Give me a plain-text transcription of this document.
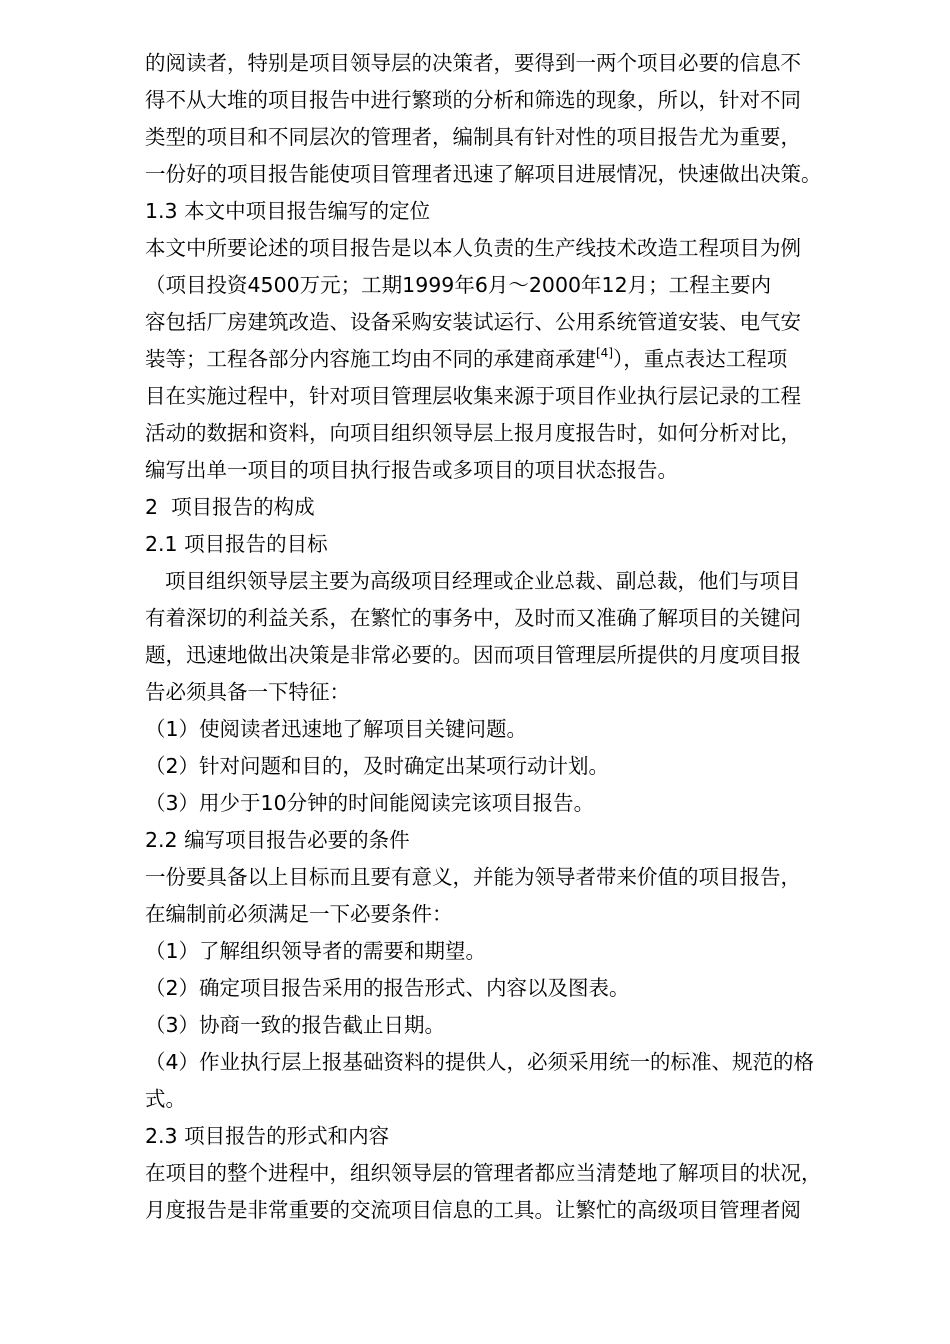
的阅读者，特别是项目领导层的决策者，要得到一两个项目必要的信息不
得不从大堆的项目报告中进行繁琐的分析和筛选的现象，所以，针对不同
类型的项目和不同层次的管理者，编制具有针对性的项目报告尤为重要，
一份好的项目报告能使项目管理者迅速了解项目进展情况，快速做出决策。
1.3 本文中项目报告编写的定位
本文中所要论述的项目报告是以本人负责的生产线技术改造工程项目为例
（项目投资4500万元；工期1999年6月～2000年12月；工程主要内
容包括厂房建筑改造、设备采购安装试运行、公用系统管道安装、电气安
装等；工程各部分内容施工均由不同的承建商承建[4]），重点表达工程项
目在实施过程中，针对项目管理层收集来源于项目作业执行层记录的工程
活动的数据和资料，向项目组织领导层上报月度报告时，如何分析对比，
编写出单一项目的项目执行报告或多项目的项目状态报告。
2  项目报告的构成
2.1 项目报告的目标
项目组织领导层主要为高级项目经理或企业总裁、副总裁，他们与项目
有着深切的利益关系，在繁忙的事务中，及时而又准确了解项目的关键问
题，迅速地做出决策是非常必要的。因而项目管理层所提供的月度项目报
告必须具备一下特征：
（1）使阅读者迅速地了解项目关键问题。
（2）针对问题和目的，及时确定出某项行动计划。
（3）用少于10分钟的时间能阅读完该项目报告。
2.2 编写项目报告必要的条件
一份要具备以上目标而且要有意义，并能为领导者带来价值的项目报告，
在编制前必须满足一下必要条件：
（1）了解组织领导者的需要和期望。
（2）确定项目报告采用的报告形式、内容以及图表。
（3）协商一致的报告截止日期。
（4）作业执行层上报基础资料的提供人，必须采用统一的标准、规范的格
式。
2.3 项目报告的形式和内容
在项目的整个进程中，组织领导层的管理者都应当清楚地了解项目的状况，
月度报告是非常重要的交流项目信息的工具。让繁忙的高级项目管理者阅
